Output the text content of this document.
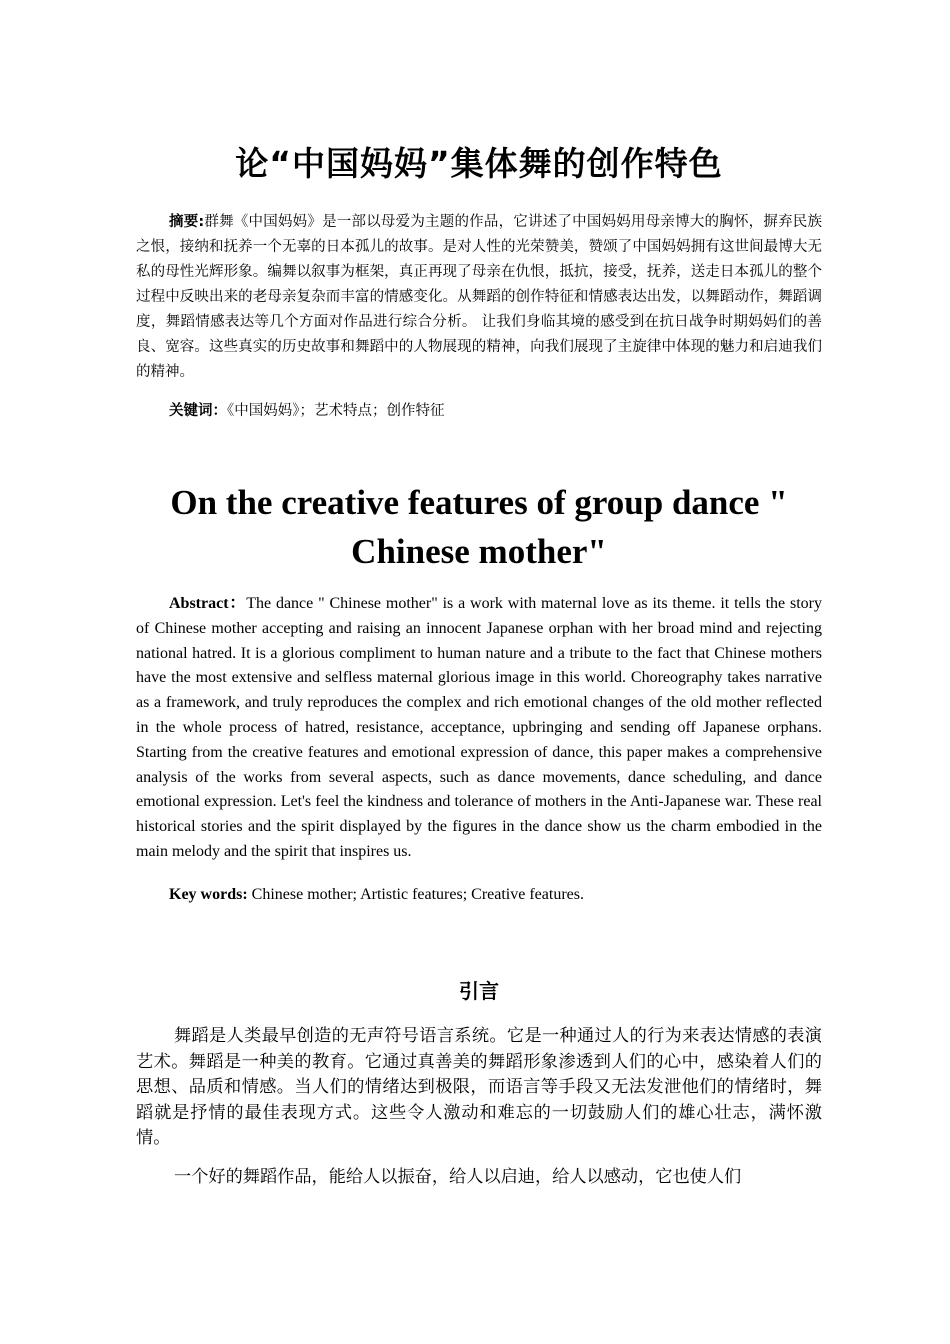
论“中国妈妈”集体舞的创作特色

摘要:群舞《中国妈妈》是一部以母爱为主题的作品，它讲述了中国妈妈用母亲博大的胸怀，摒弃民族之恨，接纳和抚养一个无辜的日本孤儿的故事。是对人性的光荣赞美，赞颂了中国妈妈拥有这世间最博大无私的母性光辉形象。编舞以叙事为框架，真正再现了母亲在仇恨，抵抗，接受，抚养，送走日本孤儿的整个过程中反映出来的老母亲复杂而丰富的情感变化。从舞蹈的创作特征和情感表达出发，以舞蹈动作，舞蹈调度，舞蹈情感表达等几个方面对作品进行综合分析。 让我们身临其境的感受到在抗日战争时期妈妈们的善良、宽容。这些真实的历史故事和舞蹈中的人物展现的精神，向我们展现了主旋律中体现的魅力和启迪我们的精神。

关键词：《中国妈妈》；艺术特点；创作特征

On the creative features of group dance " Chinese mother"

Abstract：The dance " Chinese mother" is a work with maternal love as its theme. it tells the story of Chinese mother accepting and raising an innocent Japanese orphan with her broad mind and rejecting national hatred. It is a glorious compliment to human nature and a tribute to the fact that Chinese mothers have the most extensive and selfless maternal glorious image in this world. Choreography takes narrative as a framework, and truly reproduces the complex and rich emotional changes of the old mother reflected in the whole process of hatred, resistance, acceptance, upbringing and sending off Japanese orphans. Starting from the creative features and emotional expression of dance, this paper makes a comprehensive analysis of the works from several aspects, such as dance movements, dance scheduling, and dance emotional expression. Let's feel the kindness and tolerance of mothers in the Anti-Japanese war. These real historical stories and the spirit displayed by the figures in the dance show us the charm embodied in the main melody and the spirit that inspires us.

Key words: Chinese mother; Artistic features; Creative features.

引言

舞蹈是人类最早创造的无声符号语言系统。它是一种通过人的行为来表达情感的表演艺术。舞蹈是一种美的教育。它通过真善美的舞蹈形象渗透到人们的心中，感染着人们的思想、品质和情感。当人们的情绪达到极限，而语言等手段又无法发泄他们的情绪时，舞蹈就是抒情的最佳表现方式。这些令人激动和难忘的一切鼓励人们的雄心壮志，满怀激情。

一个好的舞蹈作品，能给人以振奋，给人以启迪，给人以感动，它也使人们
